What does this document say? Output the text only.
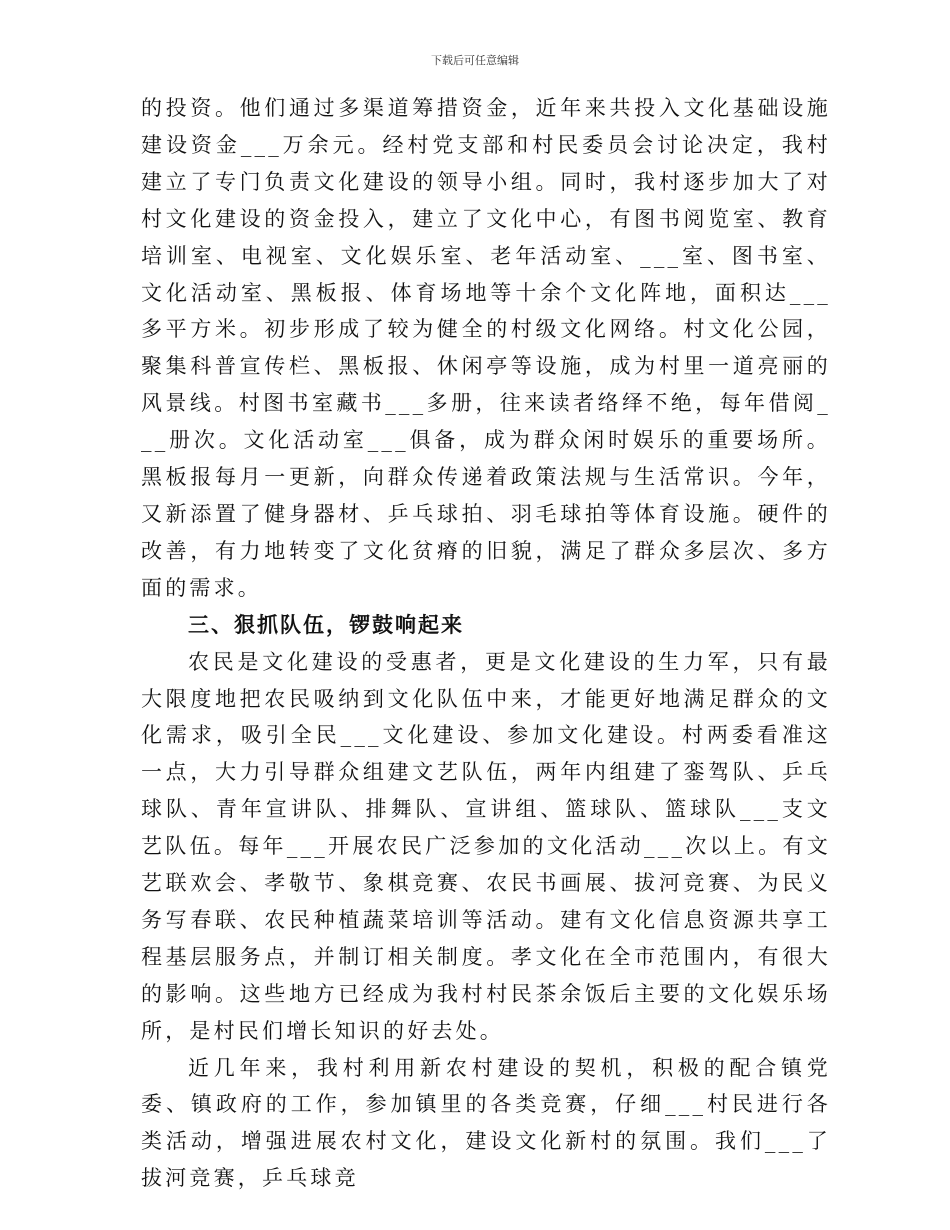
下载后可任意编辑

的投资。他们通过多渠道筹措资金，近年来共投入文化基础设施建设资金___万余元。经村党支部和村民委员会讨论决定，我村建立了专门负责文化建设的领导小组。同时，我村逐步加大了对村文化建设的资金投入，建立了文化中心，有图书阅览室、教育培训室、电视室、文化娱乐室、老年活动室、___室、图书室、文化活动室、黑板报、体育场地等十余个文化阵地，面积达___多平方米。初步形成了较为健全的村级文化网络。村文化公园，聚集科普宣传栏、黑板报、休闲亭等设施，成为村里一道亮丽的风景线。村图书室藏书___多册，往来读者络绎不绝，每年借阅___册次。文化活动室___俱备，成为群众闲时娱乐的重要场所。黑板报每月一更新，向群众传递着政策法规与生活常识。今年，又新添置了健身器材、乒乓球拍、羽毛球拍等体育设施。硬件的改善，有力地转变了文化贫瘠的旧貌，满足了群众多层次、多方面的需求。

三、狠抓队伍，锣鼓响起来

农民是文化建设的受惠者，更是文化建设的生力军，只有最大限度地把农民吸纳到文化队伍中来，才能更好地满足群众的文化需求，吸引全民___文化建设、参加文化建设。村两委看准这一点，大力引导群众组建文艺队伍，两年内组建了銮驾队、乒乓球队、青年宣讲队、排舞队、宣讲组、篮球队、篮球队___支文艺队伍。每年___开展农民广泛参加的文化活动___次以上。有文艺联欢会、孝敬节、象棋竞赛、农民书画展、拔河竞赛、为民义务写春联、农民种植蔬菜培训等活动。建有文化信息资源共享工程基层服务点，并制订相关制度。孝文化在全市范围内，有很大的影响。这些地方已经成为我村村民茶余饭后主要的文化娱乐场所，是村民们增长知识的好去处。

近几年来，我村利用新农村建设的契机，积极的配合镇党委、镇政府的工作，参加镇里的各类竞赛，仔细___村民进行各类活动，增强进展农村文化，建设文化新村的氛围。我们___了拔河竞赛，乒乓球竞
